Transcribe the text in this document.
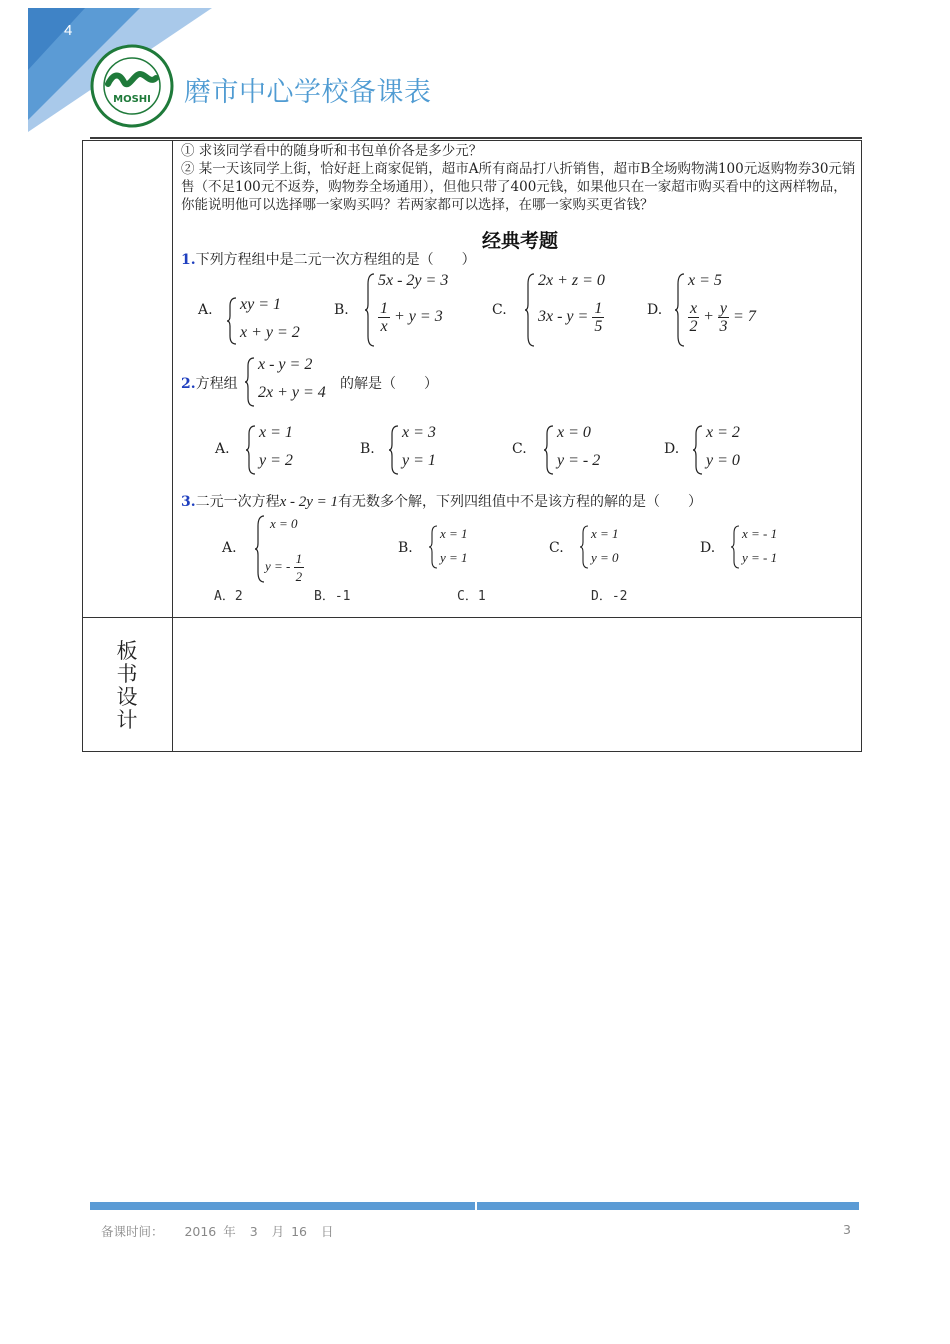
4
MOSHI 磨市中心学校备课表

① 求该同学看中的随身听和书包单价各是多少元？

② 某一天该同学上街，恰好赶上商家促销，超市A所有商品打八折销售，超市B全场购物满100元返购物券30元销售（不足100元不返券，购物券全场通用），但他只带了400元钱，如果他只在一家超市购买看中的这两样物品，你能说明他可以选择哪一家购买吗？若两家都可以选择，在哪一家购买更省钱？

经典考题
1.下列方程组中是二元一次方程组的是（　　）
A. xy = 1
x + y = 2
B.
5x - 2y = 3
$\frac{1}{x} + y = 3$	C.
2x + z = 0
$3x - y = \frac{1}{5}$	D.
x = 5
$\frac{x}{2} + \frac{y}{3} = 7$
2.方程组
x - y = 2
2x + y = 4 的解是（　　）
A.
x = 1
y = 2
B.
x = 3
y = 1
C.
x = 0
y = - 2
D.
x = 2
y = 0
3.二元一次方程x - 2y = 1有无数多个解，下列四组值中不是该方程的解的是（　　）
A.
x = 0
y = - $\frac{1}{2}$
B.
x = 1
y = 1
C.
x = 1
y = 0
D.
x = - 1
y = - 1
A．2	B．-1	C．1	D．-2
板
书
设
计
备课时间： 2016 年 3 月 16 日	3
